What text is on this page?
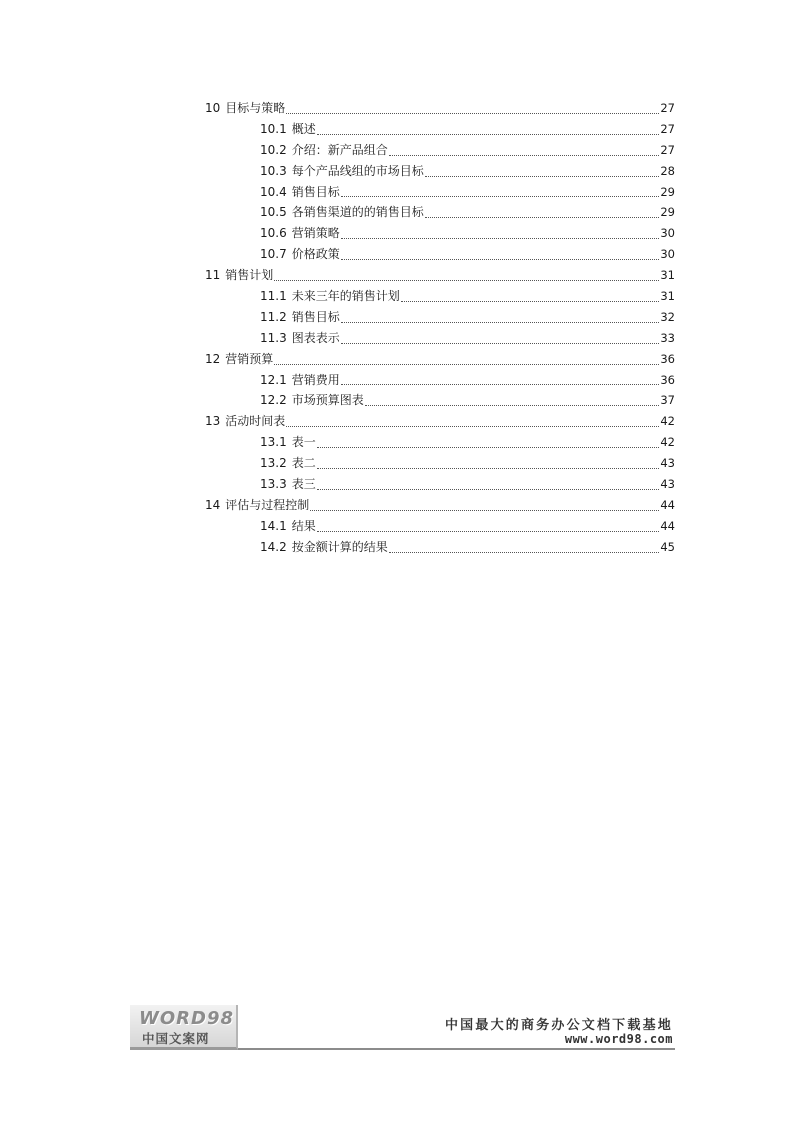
10 目标与策略	27
10.1 概述	27
10.2 介绍：新产品组合	27
10.3 每个产品线组的市场目标	28
10.4 销售目标	29
10.5 各销售渠道的的销售目标	29
10.6 营销策略	30
10.7 价格政策	30
11 销售计划	31
11.1 未来三年的销售计划	31
11.2 销售目标	32
11.3 图表表示	33
12 营销预算	36
12.1 营销费用	36
12.2 市场预算图表	37
13 活动时间表	42
13.1 表一	42
13.2 表二	43
13.3 表三	43
14 评估与过程控制	44
14.1 结果	44
14.2 按金额计算的结果	45
WORD98
中国文案网
中国最大的商务办公文档下载基地
www.word98.com
